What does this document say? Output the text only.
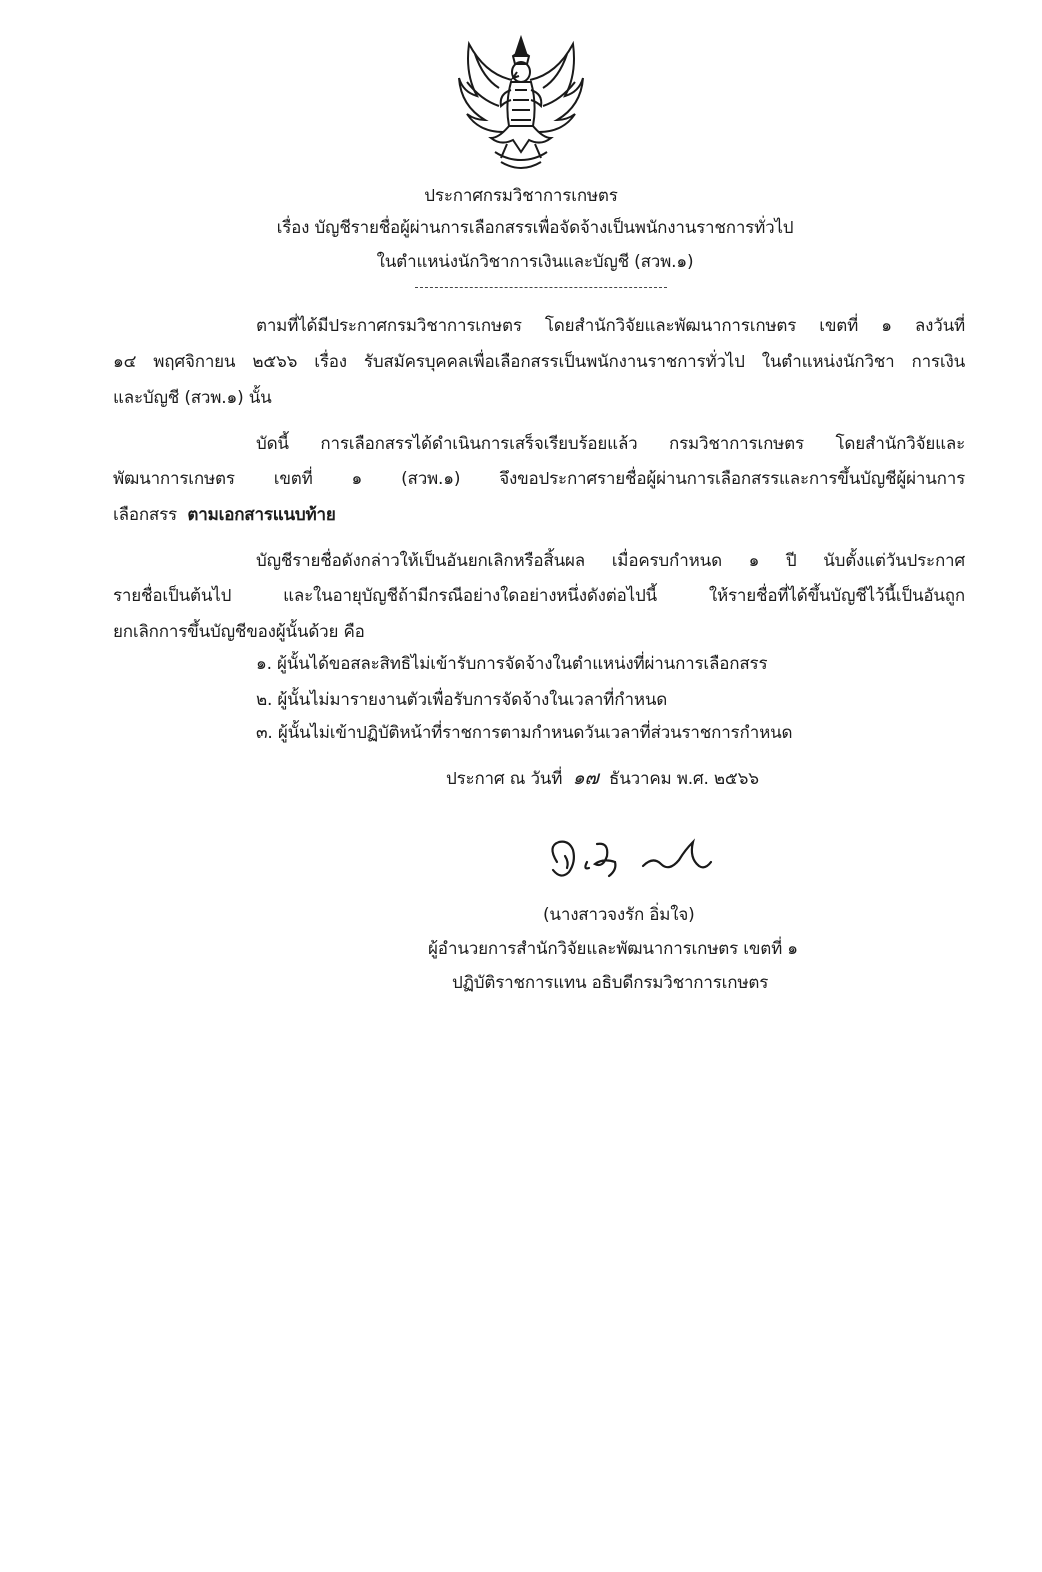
ประกาศกรมวิชาการเกษตร
เรื่อง บัญชีรายชื่อผู้ผ่านการเลือกสรรเพื่อจัดจ้างเป็นพนักงานราชการทั่วไป
ในตำแหน่งนักวิชาการเงินและบัญชี (สวพ.๑)
ตามที่ได้มีประกาศกรมวิชาการเกษตร โดยสำนักวิจัยและพัฒนาการเกษตร เขตที่ ๑ ลงวันที่
๑๔ พฤศจิกายน ๒๕๖๖ เรื่อง รับสมัครบุคคลเพื่อเลือกสรรเป็นพนักงานราชการทั่วไป ในตำแหน่งนักวิชา การเงิน
และบัญชี (สวพ.๑) นั้น
บัดนี้ การเลือกสรรได้ดำเนินการเสร็จเรียบร้อยแล้ว กรมวิชาการเกษตร โดยสำนักวิจัยและ
พัฒนาการเกษตร เขตที่ ๑ (สวพ.๑) จึงขอประกาศรายชื่อผู้ผ่านการเลือกสรรและการขึ้นบัญชีผู้ผ่านการ
เลือกสรร ตามเอกสารแนบท้าย
บัญชีรายชื่อดังกล่าวให้เป็นอันยกเลิกหรือสิ้นผล เมื่อครบกำหนด ๑ ปี นับตั้งแต่วันประกาศ
รายชื่อเป็นต้นไป และในอายุบัญชีถ้ามีกรณีอย่างใดอย่างหนึ่งดังต่อไปนี้ ให้รายชื่อที่ได้ขึ้นบัญชีไว้นี้เป็นอันถูก
ยกเลิกการขึ้นบัญชีของผู้นั้นด้วย คือ
๑. ผู้นั้นได้ขอสละสิทธิไม่เข้ารับการจัดจ้างในตำแหน่งที่ผ่านการเลือกสรร
๒. ผู้นั้นไม่มารายงานตัวเพื่อรับการจัดจ้างในเวลาที่กำหนด
๓. ผู้นั้นไม่เข้าปฏิบัติหน้าที่ราชการตามกำหนดวันเวลาที่ส่วนราชการกำหนด
ประกาศ ณ วันที่ ๑๗ ธันวาคม พ.ศ. ๒๕๖๖
(นางสาวจงรัก อิ่มใจ)
ผู้อำนวยการสำนักวิจัยและพัฒนาการเกษตร เขตที่ ๑
ปฏิบัติราชการแทน อธิบดีกรมวิชาการเกษตร
